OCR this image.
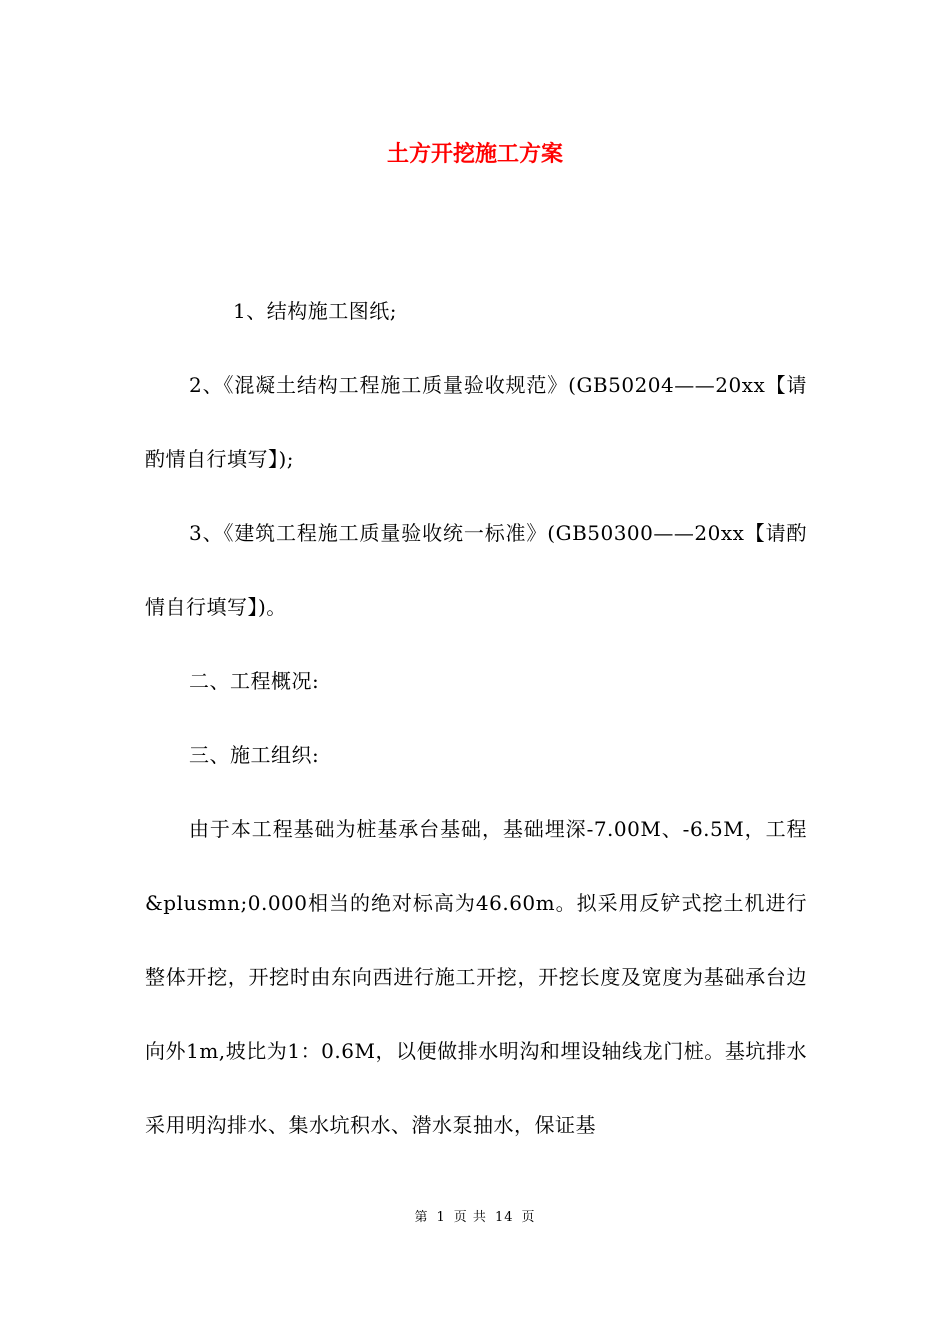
土方开挖施工方案

1、结构施工图纸;

2、《混凝土结构工程施工质量验收规范》(GB50204——20xx【请酌情自行填写】);

3、《建筑工程施工质量验收统一标准》(GB50300——20xx【请酌情自行填写】)。

二、工程概况:

三、施工组织:

由于本工程基础为桩基承台基础，基础埋深-7.00M、-6.5M，工程&plusmn;0.000相当的绝对标高为46.60m。拟采用反铲式挖土机进行整体开挖，开挖时由东向西进行施工开挖，开挖长度及宽度为基础承台边向外1m,坡比为1：0.6M，以便做排水明沟和埋设轴线龙门桩。基坑排水采用明沟排水、集水坑积水、潜水泵抽水，保证基

第 1 页 共 14 页
